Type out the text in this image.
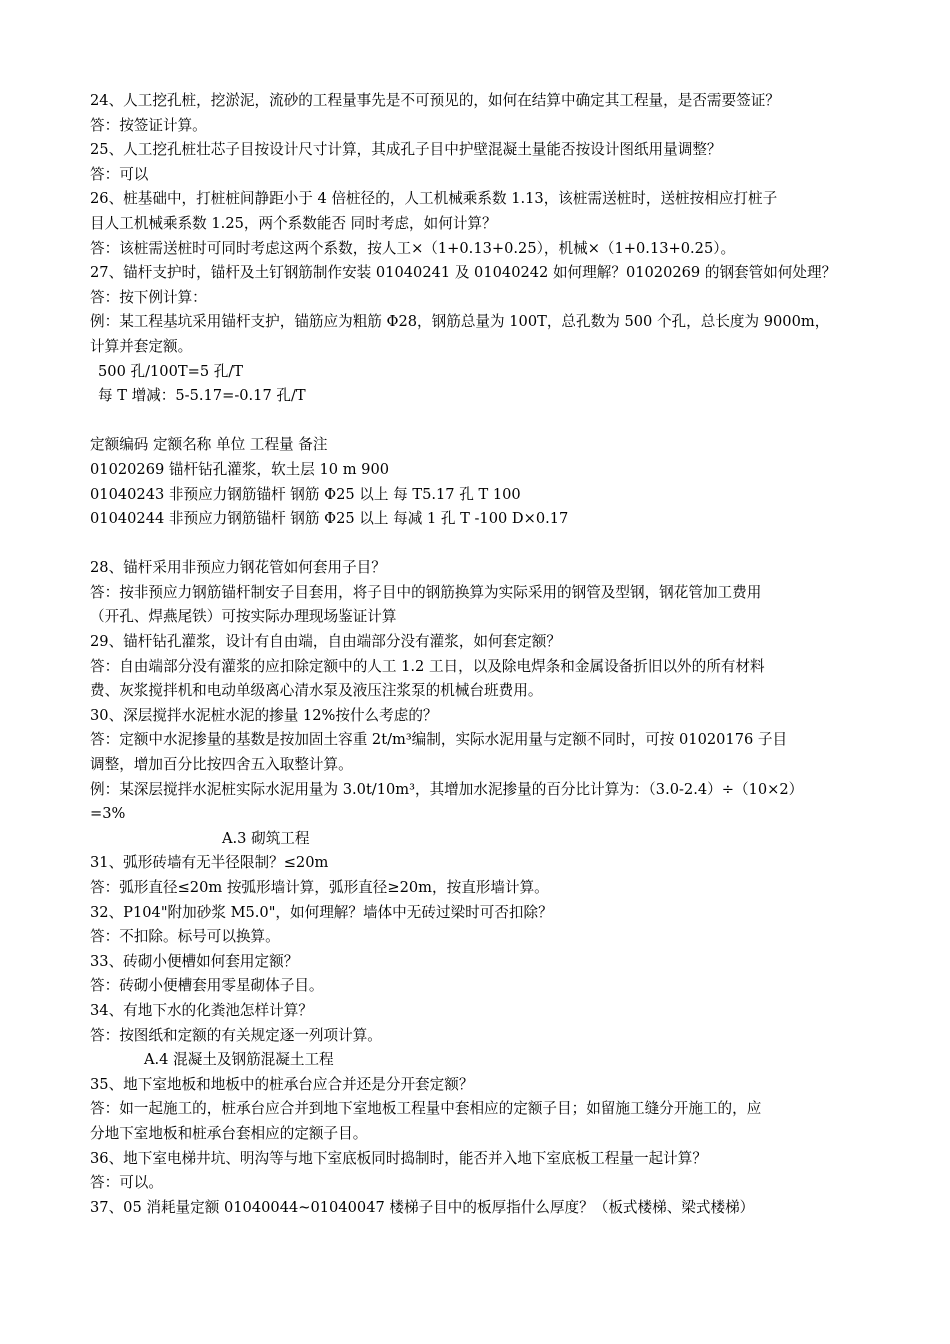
24、人工挖孔桩，挖淤泥，流砂的工程量事先是不可预见的，如何在结算中确定其工程量，是否需要签证？
答：按签证计算。
25、人工挖孔桩壮芯子目按设计尺寸计算，其成孔子目中护壁混凝土量能否按设计图纸用量调整？
答：可以
26、桩基础中，打桩桩间静距小于 4 倍桩径的，人工机械乘系数 1.13，该桩需送桩时，送桩按相应打桩子
目人工机械乘系数 1.25，两个系数能否 同时考虑，如何计算？
答：该桩需送桩时可同时考虑这两个系数，按人工×（1+0.13+0.25），机械×（1+0.13+0.25）。
27、锚杆支护时，锚杆及土钉钢筋制作安装 01040241 及 01040242 如何理解？01020269 的钢套管如何处理？
答：按下例计算：
例：某工程基坑采用锚杆支护，锚筋应为粗筋 Φ28，钢筋总量为 100T，总孔数为 500 个孔，总长度为 9000m，
计算并套定额。
500 孔/100T=5 孔/T
每 T 增减：5-5.17=-0.17 孔/T
定额编码 定额名称 单位 工程量 备注
01020269 锚杆钻孔灌浆，软土层 10 m 900
01040243 非预应力钢筋锚杆 钢筋 Φ25 以上 每 T5.17 孔 T 100
01040244 非预应力钢筋锚杆 钢筋 Φ25 以上 每减 1 孔 T -100 D×0.17
28、锚杆采用非预应力钢花管如何套用子目？
答：按非预应力钢筋锚杆制安子目套用，将子目中的钢筋换算为实际采用的钢管及型钢，钢花管加工费用
（开孔、焊燕尾铁）可按实际办理现场鉴证计算
29、锚杆钻孔灌浆，设计有自由端，自由端部分没有灌浆，如何套定额？
答：自由端部分没有灌浆的应扣除定额中的人工 1.2 工日，以及除电焊条和金属设备折旧以外的所有材料
费、灰浆搅拌机和电动单级离心清水泵及液压注浆泵的机械台班费用。
30、深层搅拌水泥桩水泥的掺量 12%按什么考虑的？
答：定额中水泥掺量的基数是按加固土容重 2t/m³编制，实际水泥用量与定额不同时，可按 01020176 子目
调整，增加百分比按四舍五入取整计算。
例：某深层搅拌水泥桩实际水泥用量为 3.0t/10m³，其增加水泥掺量的百分比计算为：（3.0-2.4）÷（10×2）
=3%
A.3 砌筑工程
31、弧形砖墙有无半径限制？≤20m
答：弧形直径≤20m 按弧形墙计算，弧形直径≥20m，按直形墙计算。
32、P104"附加砂浆 M5.0"，如何理解？墙体中无砖过梁时可否扣除？
答：不扣除。标号可以换算。
33、砖砌小便槽如何套用定额？
答：砖砌小便槽套用零星砌体子目。
34、有地下水的化粪池怎样计算？
答：按图纸和定额的有关规定逐一列项计算。
A.4 混凝土及钢筋混凝土工程
35、地下室地板和地板中的桩承台应合并还是分开套定额？
答：如一起施工的，桩承台应合并到地下室地板工程量中套相应的定额子目；如留施工缝分开施工的，应
分地下室地板和桩承台套相应的定额子目。
36、地下室电梯井坑、明沟等与地下室底板同时捣制时，能否并入地下室底板工程量一起计算？
答：可以。
37、05 消耗量定额 01040044~01040047 楼梯子目中的板厚指什么厚度？（板式楼梯、梁式楼梯）
